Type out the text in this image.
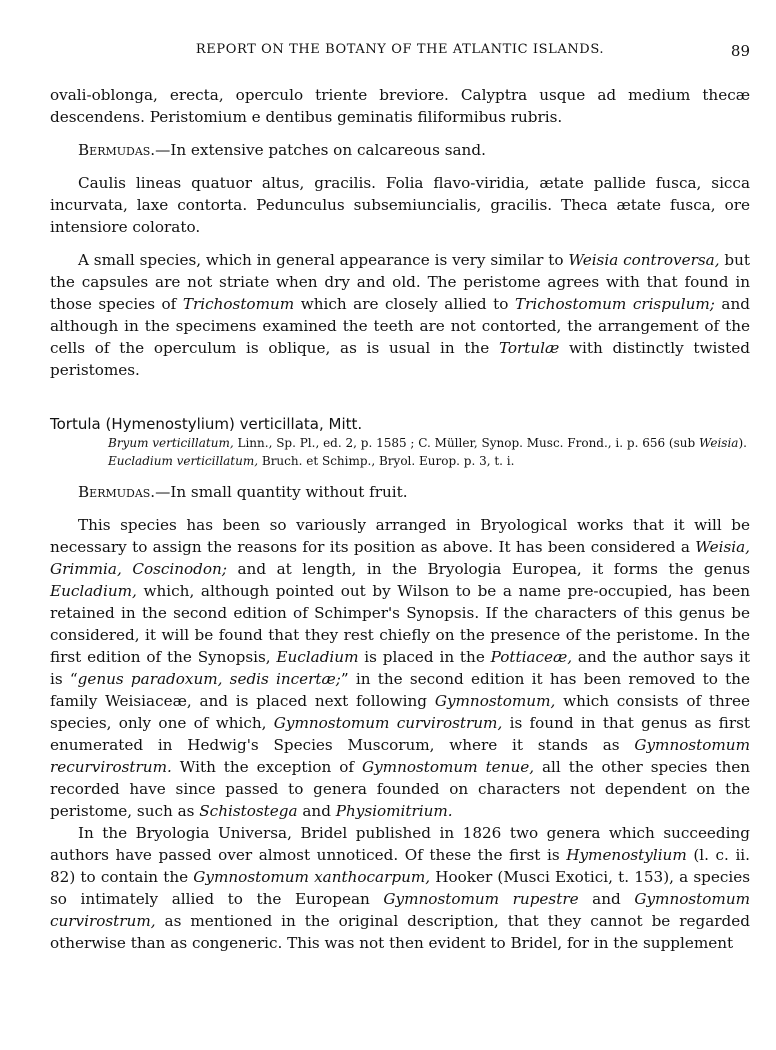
REPORT ON THE BOTANY OF THE ATLANTIC ISLANDS.	89

ovali-oblonga, erecta, operculo triente breviore. Calyptra usque ad medium thecæ descendens. Peristomium e dentibus geminatis filiformibus rubris.

Bermudas.—In extensive patches on calcareous sand.

Caulis lineas quatuor altus, gracilis. Folia flavo-viridia, ætate pallide fusca, sicca incurvata, laxe contorta. Pedunculus subsemiuncialis, gracilis. Theca ætate fusca, ore intensiore colorato.

A small species, which in general appearance is very similar to Weisia controversa, but the capsules are not striate when dry and old. The peristome agrees with that found in those species of Trichostomum which are closely allied to Trichostomum crispulum; and although in the specimens examined the teeth are not contorted, the arrangement of the cells of the operculum is oblique, as is usual in the Tortulæ with distinctly twisted peristomes.

Tortula (Hymenostylium) verticillata, Mitt.

Bryum verticillatum, Linn., Sp. Pl., ed. 2, p. 1585 ; C. Müller, Synop. Musc. Frond., i. p. 656 (sub Weisia).

Eucladium verticillatum, Bruch. et Schimp., Bryol. Europ. p. 3, t. i.

Bermudas.—In small quantity without fruit.

This species has been so variously arranged in Bryological works that it will be necessary to assign the reasons for its position as above. It has been considered a Weisia, Grimmia, Coscinodon; and at length, in the Bryologia Europea, it forms the genus Eucladium, which, although pointed out by Wilson to be a name pre-occupied, has been retained in the second edition of Schimper's Synopsis. If the characters of this genus be considered, it will be found that they rest chiefly on the presence of the peristome. In the first edition of the Synopsis, Eucladium is placed in the Pottiaceæ, and the author says it is “genus paradoxum, sedis incertæ;” in the second edition it has been removed to the family Weisiaceæ, and is placed next following Gymnostomum, which consists of three species, only one of which, Gymnostomum curvirostrum, is found in that genus as first enumerated in Hedwig's Species Muscorum, where it stands as Gymnostomum recurvirostrum. With the exception of Gymnostomum tenue, all the other species then recorded have since passed to genera founded on characters not dependent on the peristome, such as Schistostega and Physiomitrium.

In the Bryologia Universa, Bridel published in 1826 two genera which succeeding authors have passed over almost unnoticed. Of these the first is Hymenostylium (l. c. ii. 82) to contain the Gymnostomum xanthocarpum, Hooker (Musci Exotici, t. 153), a species so intimately allied to the European Gymnostomum rupestre and Gymnostomum curvirostrum, as mentioned in the original description, that they cannot be regarded otherwise than as congeneric. This was not then evident to Bridel, for in the supplement
